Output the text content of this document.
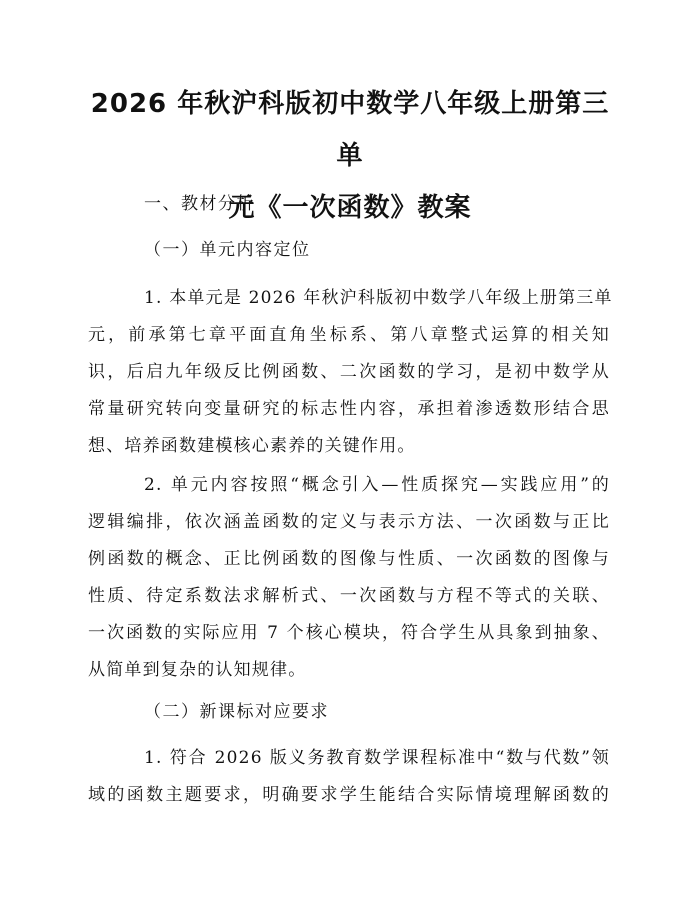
2026 年秋沪科版初中数学八年级上册第三单
元《一次函数》教案

一、教材分析

（一）单元内容定位

1. 本单元是 2026 年秋沪科版初中数学八年级上册第三单
元，前承第七章平面直角坐标系、第八章整式运算的相关知
识，后启九年级反比例函数、二次函数的学习，是初中数学从
常量研究转向变量研究的标志性内容，承担着渗透数形结合思
想、培养函数建模核心素养的关键作用。
2. 单元内容按照“概念引入—性质探究—实践应用”的
逻辑编排，依次涵盖函数的定义与表示方法、一次函数与正比
例函数的概念、正比例函数的图像与性质、一次函数的图像与
性质、待定系数法求解析式、一次函数与方程不等式的关联、
一次函数的实际应用 7 个核心模块，符合学生从具象到抽象、
从简单到复杂的认知规律。

（二）新课标对应要求

1. 符合 2026 版义务教育数学课程标准中“数与代数”领
域的函数主题要求，明确要求学生能结合实际情境理解函数的
